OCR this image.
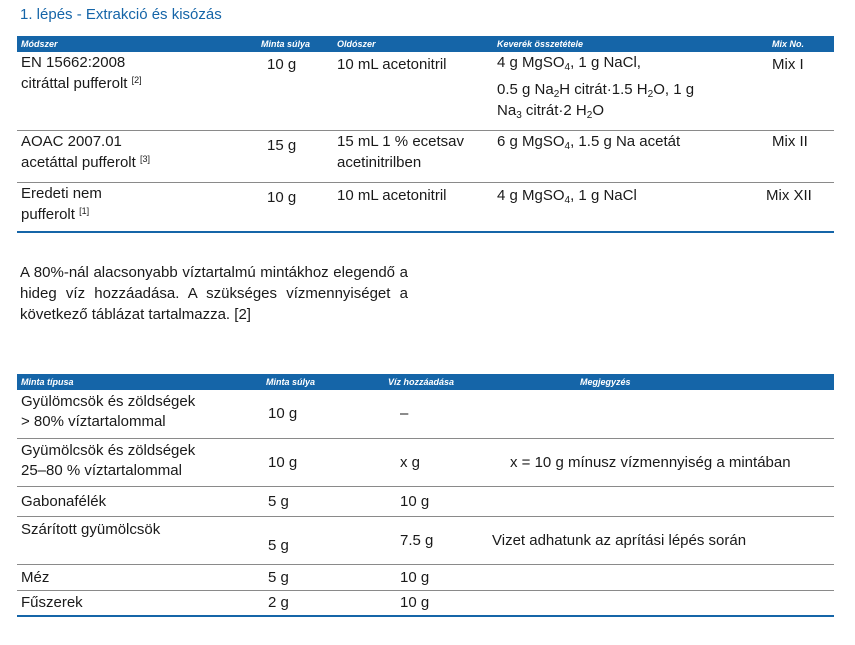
1. lépés - Extrakció és kisózás
Módszer	Minta súlya	Oldószer	Keverék összetétele	Mix No.
EN 15662:2008
citráttal pufferolt [2]	10 g	10 mL acetonitril	4 g MgSO$_4$, 1 g NaCl,
0.5 g $Na_2H$ citrát·1.5 $H_2O$, 1 g
$Na_3$ citrát·2 $H_2O$	Mix I
AOAC 2007.01
acetáttal pufferolt [3]	15 g	15 mL 1 % ecetsav
acetinitrilben	6 g MgSO$_4$, 1.5 g Na acetát	Mix II
Eredeti nem
pufferolt [1]	10 g	10 mL acetonitril	4 g MgSO$_4$, 1 g NaCl	Mix XII
A 80%-nál alacsonyabb víztartalmú mintákhoz elegendő a hideg víz hozzáadása. A szükséges vízmennyiséget a következő táblázat tartalmazza. [2]
Minta típusa	Minta súlya	Víz hozzáadása	Megjegyzés
Gyülömcsök és zöldségek
> 80% víztartalommal	10 g	–	
Gyümölcsök és zöldségek
25–80 % víztartalommal	10 g	x g	x = 10 g mínusz vízmennyiség a mintában
Gabonafélék	5 g	10 g	
Szárított gyümölcsök	5 g	7.5 g	Vizet adhatunk az aprítási lépés során
Méz	5 g	10 g	
Fűszerek	2 g	10 g	
